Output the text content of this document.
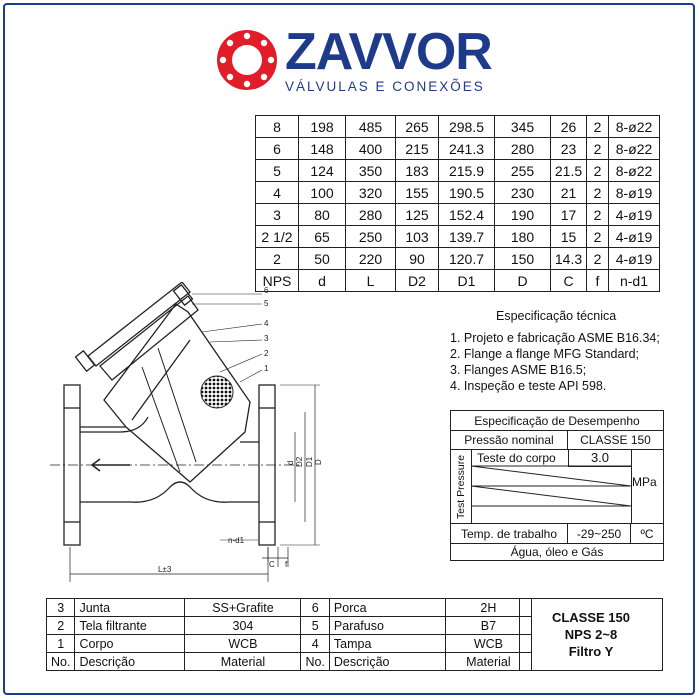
ZAVVOR
VÁLVULAS E CONEXÕES
8	198	485	265	298.5	345	26	2	8-ø22
6	148	400	215	241.3	280	23	2	8-ø22
5	124	350	183	215.9	255	21.5	2	8-ø22
4	100	320	155	190.5	230	21	2	8-ø19
3	80	280	125	152.4	190	17	2	4-ø19
2 1/2	65	250	103	139.7	180	15	2	4-ø19
2	50	220	90	120.7	150	14.3	2	4-ø19
NPS	d	L	D2	D1	D	C	f	n-d1
6
5
4
3
2
1
n-d1
C f
L±3
d D2 D1 D
Especificação técnica
1. Projeto e fabricação ASME B16.34;
2. Flange a flange MFG Standard;
3. Flanges ASME B16.5;
4. Inspeção e teste API 598.
Especificação de Desempenho
Pressão nominal	CLASSE 150
Test Pressure Teste do corpo	3.0
MPa
Temp. de trabalho	-29~250	ºC
Água, óleo e Gás
3	Junta	SS+Grafite	6	Porca	2H
2	Tela filtrante	304	5	Parafuso	B7
1	Corpo	WCB	4	Tampa	WCB
No.	Descrição	Material	No.	Descrição	Material
CLASSE 150
NPS 2~8
Filtro Y
